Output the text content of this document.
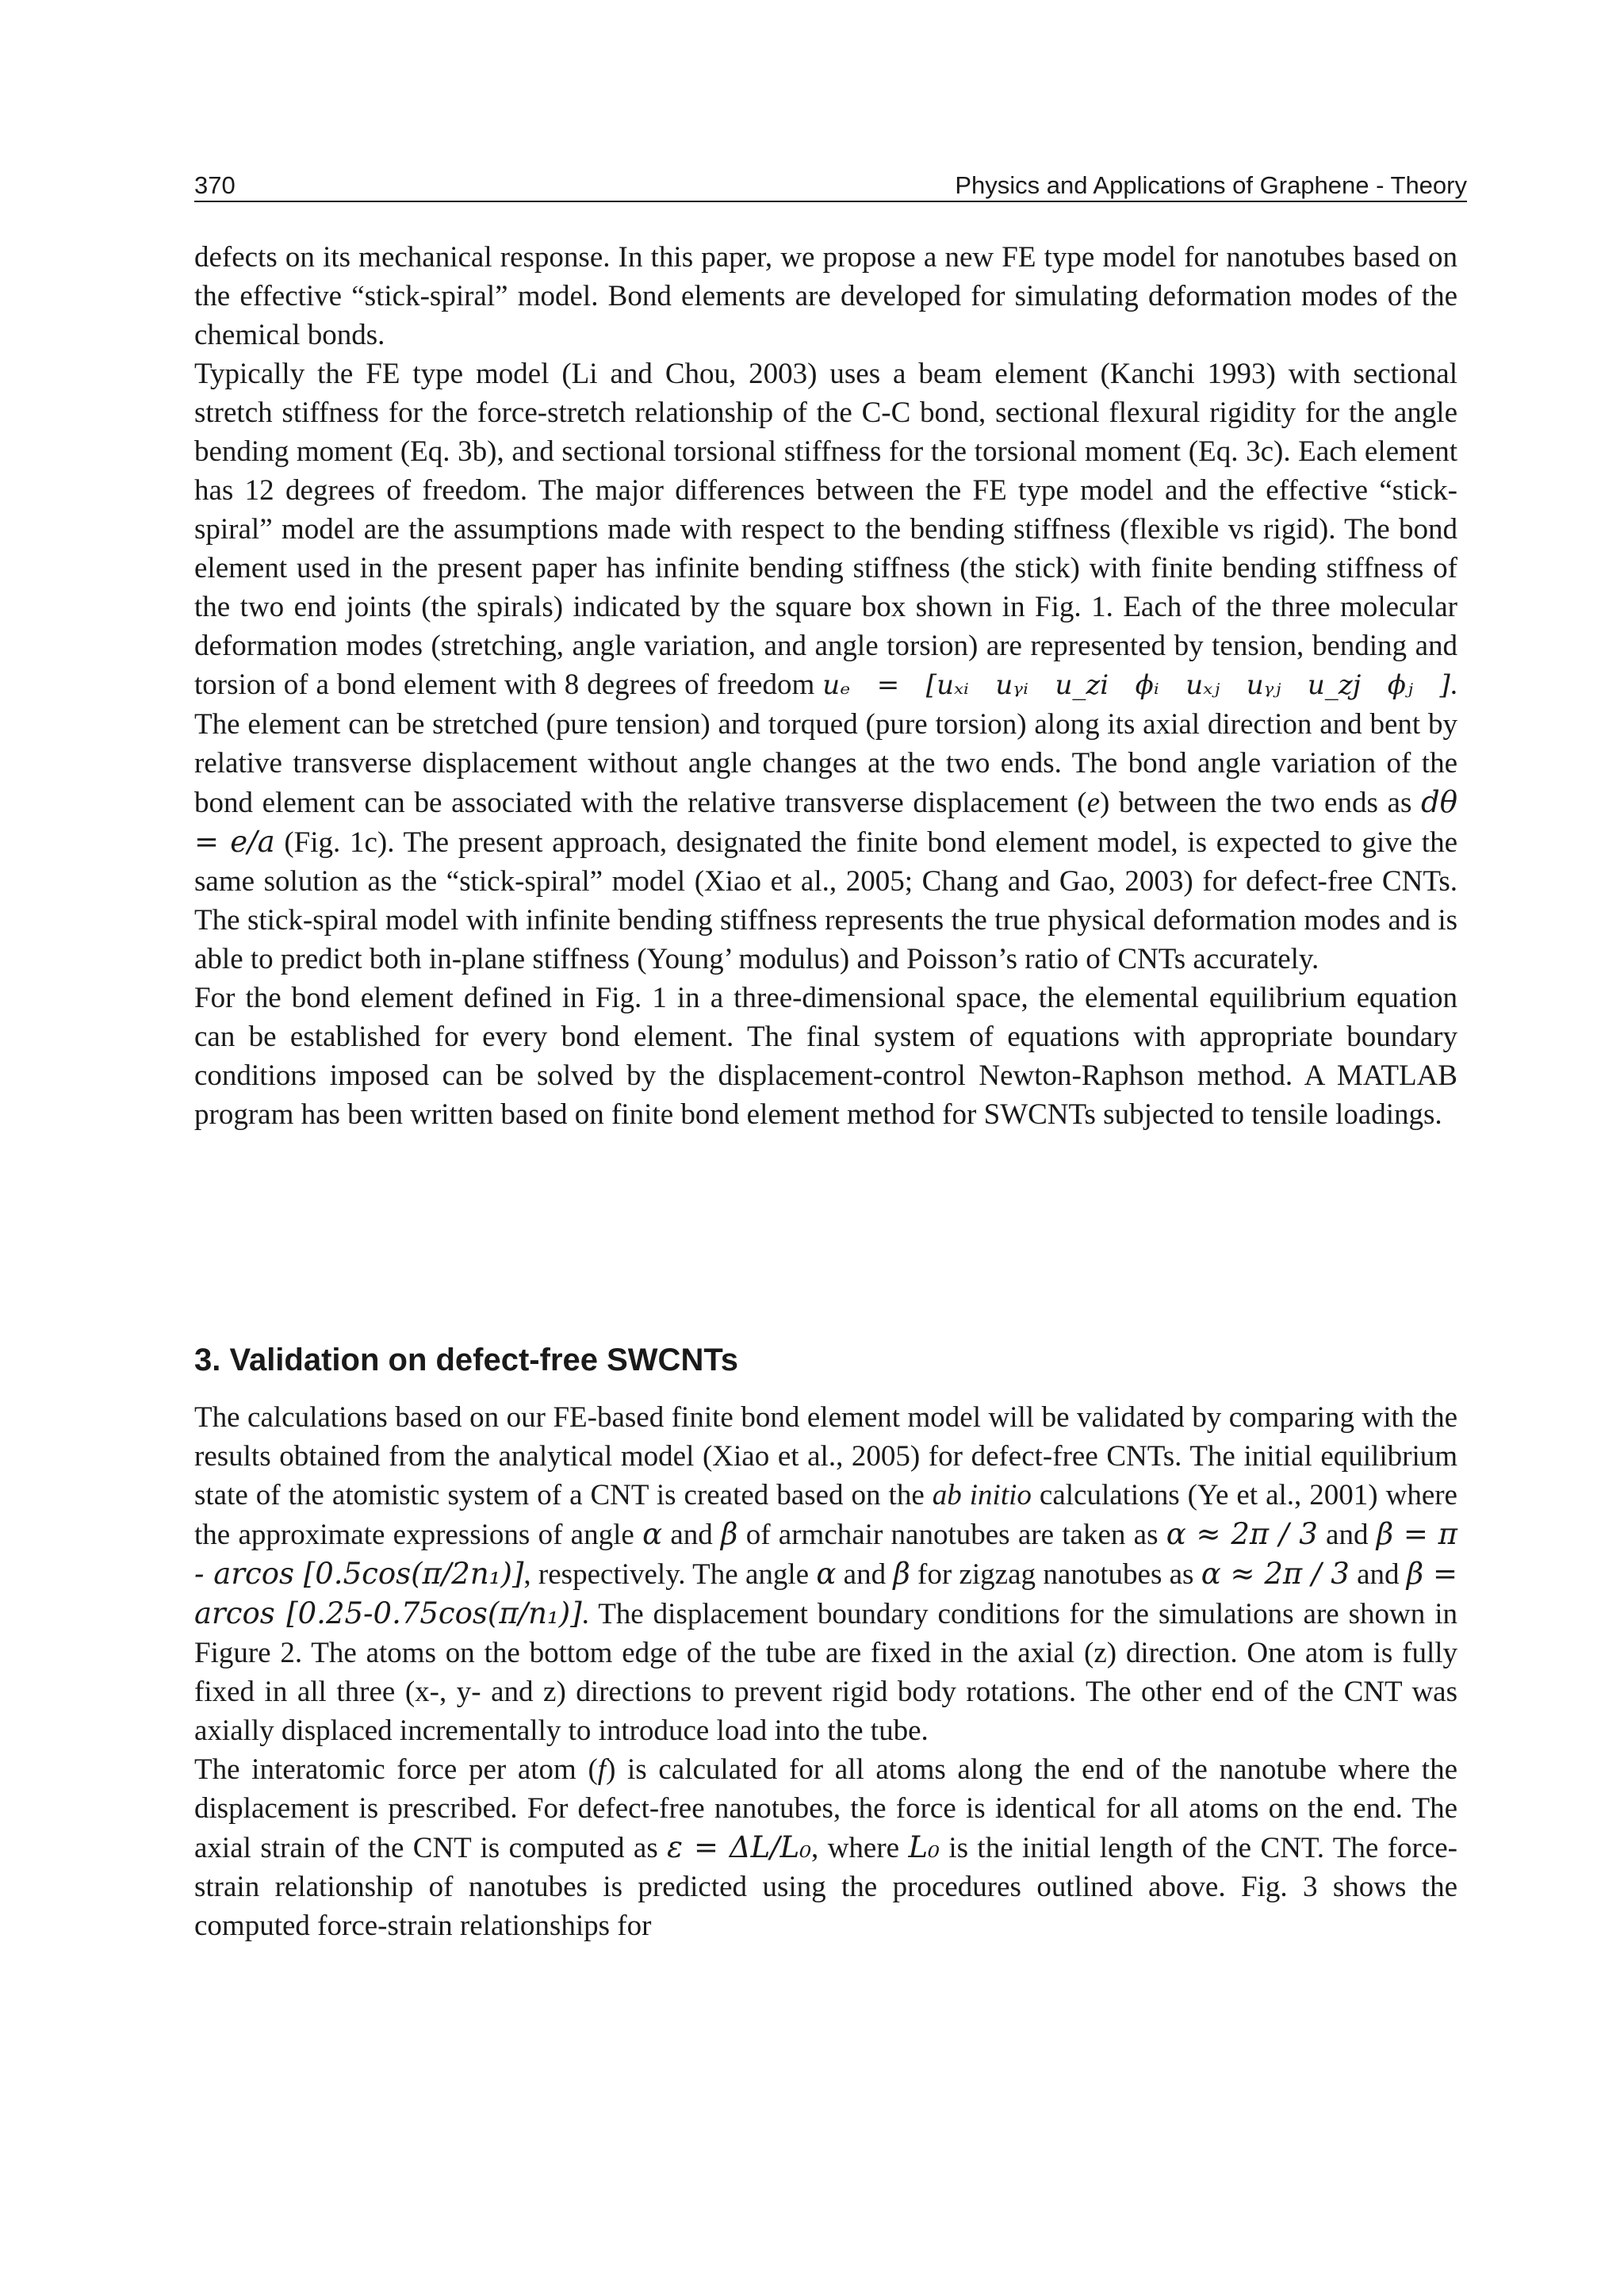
370	Physics and Applications of Graphene - Theory

defects on its mechanical response. In this paper, we propose a new FE type model for nanotubes based on the effective “stick-spiral” model. Bond elements are developed for simulating deformation modes of the chemical bonds.

Typically the FE type model (Li and Chou, 2003) uses a beam element (Kanchi 1993) with sectional stretch stiffness for the force-stretch relationship of the C-C bond, sectional flexural rigidity for the angle bending moment (Eq. 3b), and sectional torsional stiffness for the torsional moment (Eq. 3c). Each element has 12 degrees of freedom. The major differences between the FE type model and the effective “stick-spiral” model are the assumptions made with respect to the bending stiffness (flexible vs rigid). The bond element used in the present paper has infinite bending stiffness (the stick) with finite bending stiffness of the two end joints (the spirals) indicated by the square box shown in Fig. 1. Each of the three molecular deformation modes (stretching, angle variation, and angle torsion) are represented by tension, bending and torsion of a bond element with 8 degrees of freedom uₑ = [uₓᵢ uᵧᵢ u_zi ϕᵢ uₓⱼ uᵧⱼ u_zj ϕⱼ ]. The element can be stretched (pure tension) and torqued (pure torsion) along its axial direction and bent by relative transverse displacement without angle changes at the two ends. The bond angle variation of the bond element can be associated with the relative transverse displacement (e) between the two ends as dθ = e/a (Fig. 1c). The present approach, designated the finite bond element model, is expected to give the same solution as the “stick-spiral” model (Xiao et al., 2005; Chang and Gao, 2003) for defect-free CNTs. The stick-spiral model with infinite bending stiffness represents the true physical deformation modes and is able to predict both in-plane stiffness (Young’ modulus) and Poisson’s ratio of CNTs accurately.

For the bond element defined in Fig. 1 in a three-dimensional space, the elemental equilibrium equation can be established for every bond element. The final system of equations with appropriate boundary conditions imposed can be solved by the displacement-control Newton-Raphson method. A MATLAB program has been written based on finite bond element method for SWCNTs subjected to tensile loadings.

3. Validation on defect-free SWCNTs

The calculations based on our FE-based finite bond element model will be validated by comparing with the results obtained from the analytical model (Xiao et al., 2005) for defect-free CNTs. The initial equilibrium state of the atomistic system of a CNT is created based on the ab initio calculations (Ye et al., 2001) where the approximate expressions of angle α and β of armchair nanotubes are taken as α ≈ 2π / 3 and β = π - arcos [0.5cos(π/2n₁)], respectively. The angle α and β for zigzag nanotubes as α ≈ 2π / 3 and β = arcos [0.25-0.75cos(π/n₁)]. The displacement boundary conditions for the simulations are shown in Figure 2. The atoms on the bottom edge of the tube are fixed in the axial (z) direction. One atom is fully fixed in all three (x-, y- and z) directions to prevent rigid body rotations. The other end of the CNT was axially displaced incrementally to introduce load into the tube.

The interatomic force per atom (f) is calculated for all atoms along the end of the nanotube where the displacement is prescribed. For defect-free nanotubes, the force is identical for all atoms on the end. The axial strain of the CNT is computed as ε = ΔL/L₀, where L₀ is the initial length of the CNT. The force-strain relationship of nanotubes is predicted using the procedures outlined above. Fig. 3 shows the computed force-strain relationships for
